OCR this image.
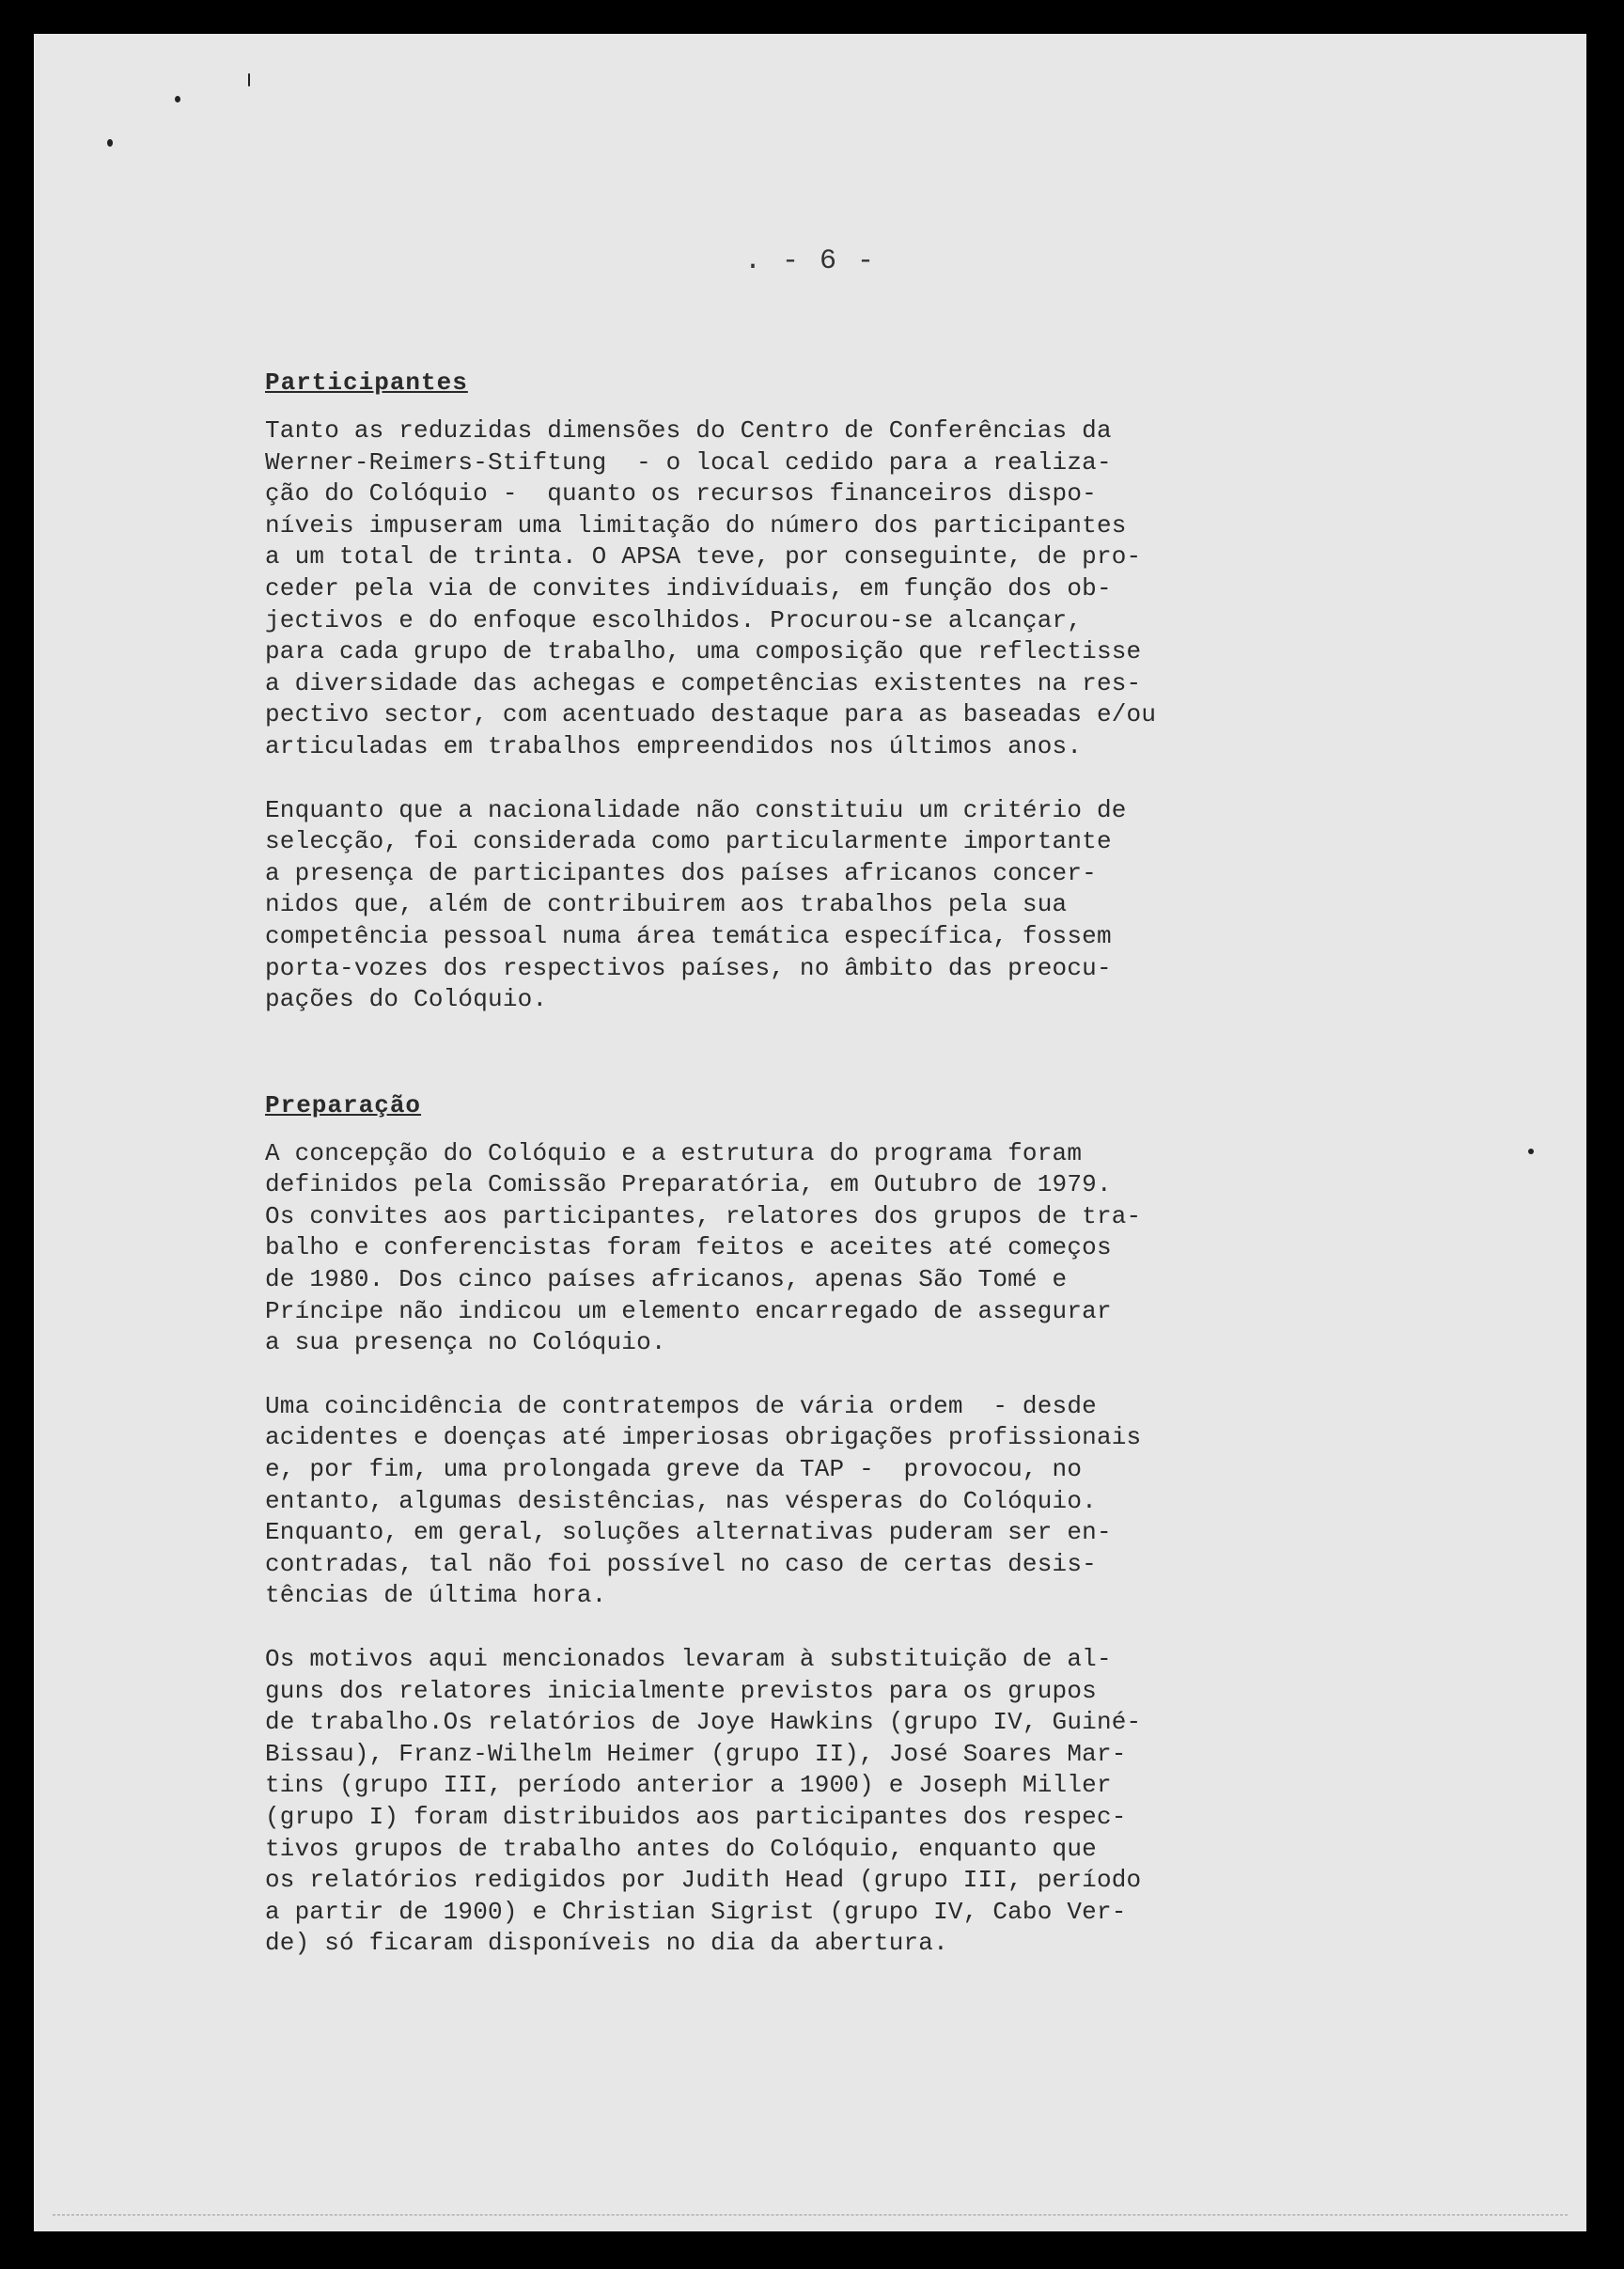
. - 6 -
Participantes

Tanto as reduzidas dimensões do Centro de Conferências da
Werner-Reimers-Stiftung  - o local cedido para a realiza-
ção do Colóquio -  quanto os recursos financeiros dispo-
níveis impuseram uma limitação do número dos participantes
a um total de trinta. O APSA teve, por conseguinte, de pro-
ceder pela via de convites indivíduais, em função dos ob-
jectivos e do enfoque escolhidos. Procurou-se alcançar,
para cada grupo de trabalho, uma composição que reflectisse
a diversidade das achegas e competências existentes na res-
pectivo sector, com acentuado destaque para as baseadas e/ou
articuladas em trabalhos empreendidos nos últimos anos.

Enquanto que a nacionalidade não constituiu um critério de
selecção, foi considerada como particularmente importante
a presença de participantes dos países africanos concer-
nidos que, além de contribuirem aos trabalhos pela sua
competência pessoal numa área temática específica, fossem
porta-vozes dos respectivos países, no âmbito das preocu-
pações do Colóquio.

Preparação

A concepção do Colóquio e a estrutura do programa foram
definidos pela Comissão Preparatória, em Outubro de 1979.
Os convites aos participantes, relatores dos grupos de tra-
balho e conferencistas foram feitos e aceites até começos
de 1980. Dos cinco países africanos, apenas São Tomé e
Príncipe não indicou um elemento encarregado de assegurar
a sua presença no Colóquio.

Uma coincidência de contratempos de vária ordem  - desde
acidentes e doenças até imperiosas obrigações profissionais
e, por fim, uma prolongada greve da TAP -  provocou, no
entanto, algumas desistências, nas vésperas do Colóquio.
Enquanto, em geral, soluções alternativas puderam ser en-
contradas, tal não foi possível no caso de certas desis-
tências de última hora.

Os motivos aqui mencionados levaram à substituição de al-
guns dos relatores inicialmente previstos para os grupos
de trabalho.Os relatórios de Joye Hawkins (grupo IV, Guiné-
Bissau), Franz-Wilhelm Heimer (grupo II), José Soares Mar-
tins (grupo III, período anterior a 1900) e Joseph Miller
(grupo I) foram distribuidos aos participantes dos respec-
tivos grupos de trabalho antes do Colóquio, enquanto que
os relatórios redigidos por Judith Head (grupo III, período
a partir de 1900) e Christian Sigrist (grupo IV, Cabo Ver-
de) só ficaram disponíveis no dia da abertura.
